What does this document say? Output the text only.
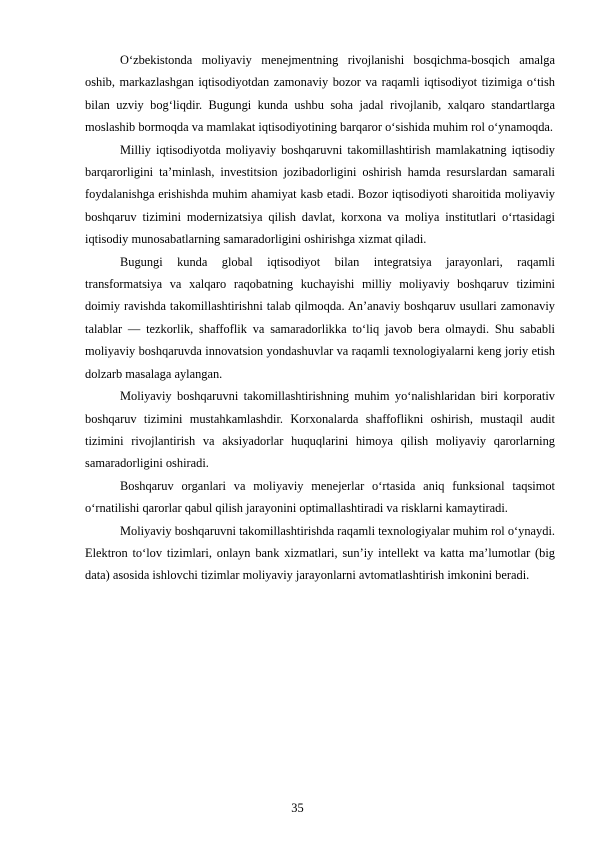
O‘zbekistonda moliyaviy menejmentning rivojlanishi bosqichma-bosqich amalga oshib, markazlashgan iqtisodiyotdan zamonaviy bozor va raqamli iqtisodiyot tizimiga o‘tish bilan uzviy bog‘liqdir. Bugungi kunda ushbu soha jadal rivojlanib, xalqaro standartlarga moslashib bormoqda va mamlakat iqtisodiyotining barqaror o‘sishida muhim rol o‘ynamoqda.

Milliy iqtisodiyotda moliyaviy boshqaruvni takomillashtirish mamlakatning iqtisodiy barqarorligini ta’minlash, investitsion jozibadorligini oshirish hamda resurslardan samarali foydalanishga erishishda muhim ahamiyat kasb etadi. Bozor iqtisodiyoti sharoitida moliyaviy boshqaruv tizimini modernizatsiya qilish davlat, korxona va moliya institutlari o‘rtasidagi iqtisodiy munosabatlarning samaradorligini oshirishga xizmat qiladi.

Bugungi kunda global iqtisodiyot bilan integratsiya jarayonlari, raqamli transformatsiya va xalqaro raqobatning kuchayishi milliy moliyaviy boshqaruv tizimini doimiy ravishda takomillashtirishni talab qilmoqda. An’anaviy boshqaruv usullari zamonaviy talablar — tezkorlik, shaffoflik va samaradorlikka to‘liq javob bera olmaydi. Shu sababli moliyaviy boshqaruvda innovatsion yondashuvlar va raqamli texnologiyalarni keng joriy etish dolzarb masalaga aylangan.

Moliyaviy boshqaruvni takomillashtirishning muhim yo‘nalishlaridan biri korporativ boshqaruv tizimini mustahkamlashdir. Korxonalarda shaffoflikni oshirish, mustaqil audit tizimini rivojlantirish va aksiyadorlar huquqlarini himoya qilish moliyaviy qarorlarning samaradorligini oshiradi.

Boshqaruv organlari va moliyaviy menejerlar o‘rtasida aniq funksional taqsimot o‘rnatilishi qarorlar qabul qilish jarayonini optimallashtiradi va risklarni kamaytiradi.

Moliyaviy boshqaruvni takomillashtirishda raqamli texnologiyalar muhim rol o‘ynaydi. Elektron to‘lov tizimlari, onlayn bank xizmatlari, sun’iy intellekt va katta ma’lumotlar (big data) asosida ishlovchi tizimlar moliyaviy jarayonlarni avtomatlashtirish imkonini beradi.

35
